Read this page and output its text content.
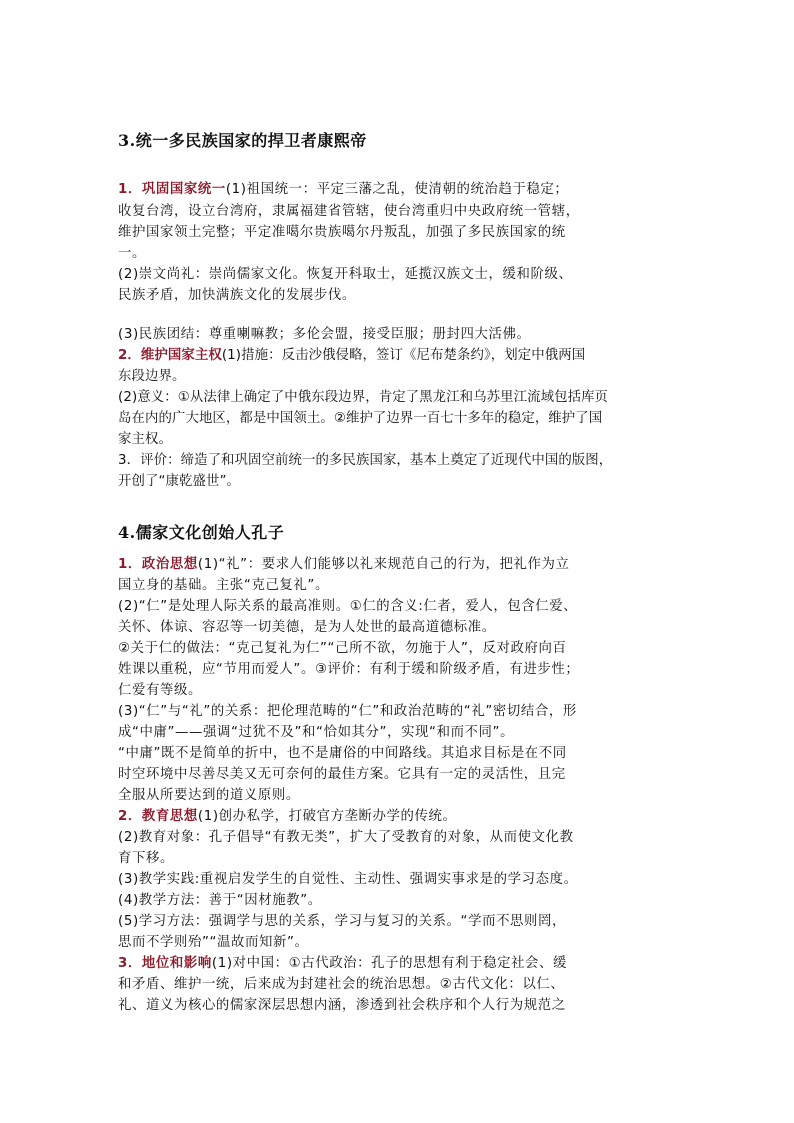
3.统一多民族国家的捍卫者康熙帝
1．巩固国家统一(1)祖国统一：平定三藩之乱，使清朝的统治趋于稳定；
收复台湾，设立台湾府，隶属福建省管辖，使台湾重归中央政府统一管辖，
维护国家领土完整；平定准噶尔贵族噶尔丹叛乱，加强了多民族国家的统
一。
(2)崇文尚礼：崇尚儒家文化。恢复开科取士，延揽汉族文士，缓和阶级、
民族矛盾，加快满族文化的发展步伐。
(3)民族团结：尊重喇嘛教；多伦会盟，接受臣服；册封四大活佛。
2．维护国家主权(1)措施：反击沙俄侵略，签订《尼布楚条约》，划定中俄两国
东段边界。
(2)意义：①从法律上确定了中俄东段边界，肯定了黑龙江和乌苏里江流域包括库页
岛在内的广大地区，都是中国领土。②维护了边界一百七十多年的稳定，维护了国
家主权。
3．评价：缔造了和巩固空前统一的多民族国家，基本上奠定了近现代中国的版图，
开创了“康乾盛世”。
4.儒家文化创始人孔子
1．政治思想(1)“礼”：要求人们能够以礼来规范自己的行为，把礼作为立
国立身的基础。主张“克己复礼”。
(2)“仁”是处理人际关系的最高准则。①仁的含义:仁者，爱人，包含仁爱、
关怀、体谅、容忍等一切美德，是为人处世的最高道德标准。
②关于仁的做法：“克己复礼为仁”“己所不欲，勿施于人”，反对政府向百
姓课以重税，应“节用而爱人”。③评价：有利于缓和阶级矛盾，有进步性；
仁爱有等级。
(3)“仁”与“礼”的关系：把伦理范畴的“仁”和政治范畴的“礼”密切结合，形
成“中庸”——强调“过犹不及”和“恰如其分”，实现“和而不同”。
“中庸”既不是简单的折中，也不是庸俗的中间路线。其追求目标是在不同
时空环境中尽善尽美又无可奈何的最佳方案。它具有一定的灵活性，且完
全服从所要达到的道义原则。
2．教育思想(1)创办私学，打破官方垄断办学的传统。
(2)教育对象：孔子倡导“有教无类”，扩大了受教育的对象，从而使文化教
育下移。
(3)教学实践:重视启发学生的自觉性、主动性、强调实事求是的学习态度。
(4)教学方法：善于“因材施教”。
(5)学习方法：强调学与思的关系，学习与复习的关系。“学而不思则罔，
思而不学则殆”“温故而知新”。
3．地位和影响(1)对中国：①古代政治：孔子的思想有利于稳定社会、缓
和矛盾、维护一统，后来成为封建社会的统治思想。②古代文化：以仁、
礼、道义为核心的儒家深层思想内涵，渗透到社会秩序和个人行为规范之
